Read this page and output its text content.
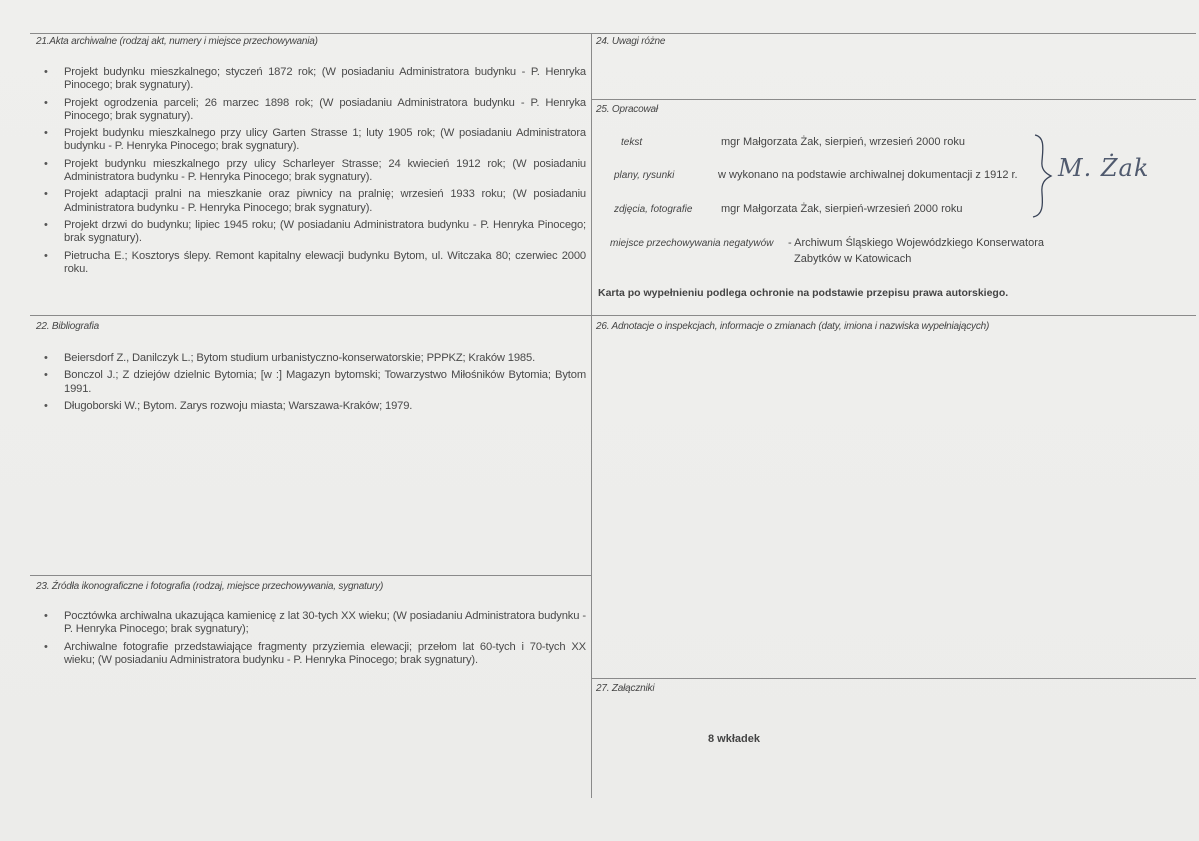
21.Akta archiwalne (rodzaj akt, numery i miejsce przechowywania)
• Projekt budynku mieszkalnego; styczeń 1872 rok; (W posiadaniu Administratora budynku - P. Henryka Pinocego; brak sygnatury).
• Projekt ogrodzenia parceli; 26 marzec 1898 rok; (W posiadaniu Administratora budynku - P. Henryka Pinocego; brak sygnatury).
• Projekt budynku mieszkalnego przy ulicy Garten Strasse 1; luty 1905 rok; (W posiadaniu Administratora budynku - P. Henryka Pinocego; brak sygnatury).
• Projekt budynku mieszkalnego przy ulicy Scharleyer Strasse; 24 kwiecień 1912 rok; (W posiadaniu Administratora budynku - P. Henryka Pinocego; brak sygnatury).
• Projekt adaptacji pralni na mieszkanie oraz piwnicy na pralnię; wrzesień 1933 roku; (W posiadaniu Administratora budynku - P. Henryka Pinocego; brak sygnatury).
• Projekt drzwi do budynku; lipiec 1945 roku; (W posiadaniu Administratora budynku - P. Henryka Pinocego; brak sygnatury).
• Pietrucha E.; Kosztorys ślepy. Remont kapitalny elewacji budynku Bytom, ul. Witczaka 80; czerwiec 2000 roku.
22. Bibliografia
• Beiersdorf Z., Danilczyk L.; Bytom studium urbanistyczno-konserwatorskie; PPPKZ; Kraków 1985.
• Bonczol J.; Z dziejów dzielnic Bytomia; [w :] Magazyn bytomski; Towarzystwo Miłośników Bytomia; Bytom 1991.
• Długoborski W.; Bytom. Zarys rozwoju miasta; Warszawa-Kraków; 1979.
23. Źródła ikonograficzne i fotografia (rodzaj, miejsce przechowywania, sygnatury)
• Pocztówka archiwalna ukazująca kamienicę z lat 30-tych XX wieku; (W posiadaniu Administratora budynku - P. Henryka Pinocego; brak sygnatury);
• Archiwalne fotografie przedstawiające fragmenty przyziemia elewacji; przełom lat 60-tych i 70-tych XX wieku; (W posiadaniu Administratora budynku - P. Henryka Pinocego; brak sygnatury).
24. Uwagi różne
25. Opracował
tekst	mgr Małgorzata Żak, sierpień, wrzesień 2000 roku
plany, rysunki	w wykonano na podstawie archiwalnej dokumentacji z 1912 r.
zdjęcia, fotografie	mgr Małgorzata Żak, sierpień-wrzesień 2000 roku
M. Żak
miejsce przechowywania negatywów - Archiwum Śląskiego Wojewódzkiego Konserwatora
Zabytków w Katowicach
Karta po wypełnieniu podlega ochronie na podstawie przepisu prawa autorskiego.
26. Adnotacje o inspekcjach, informacje o zmianach (daty, imiona i nazwiska wypełniających)
27. Załączniki
8 wkładek
